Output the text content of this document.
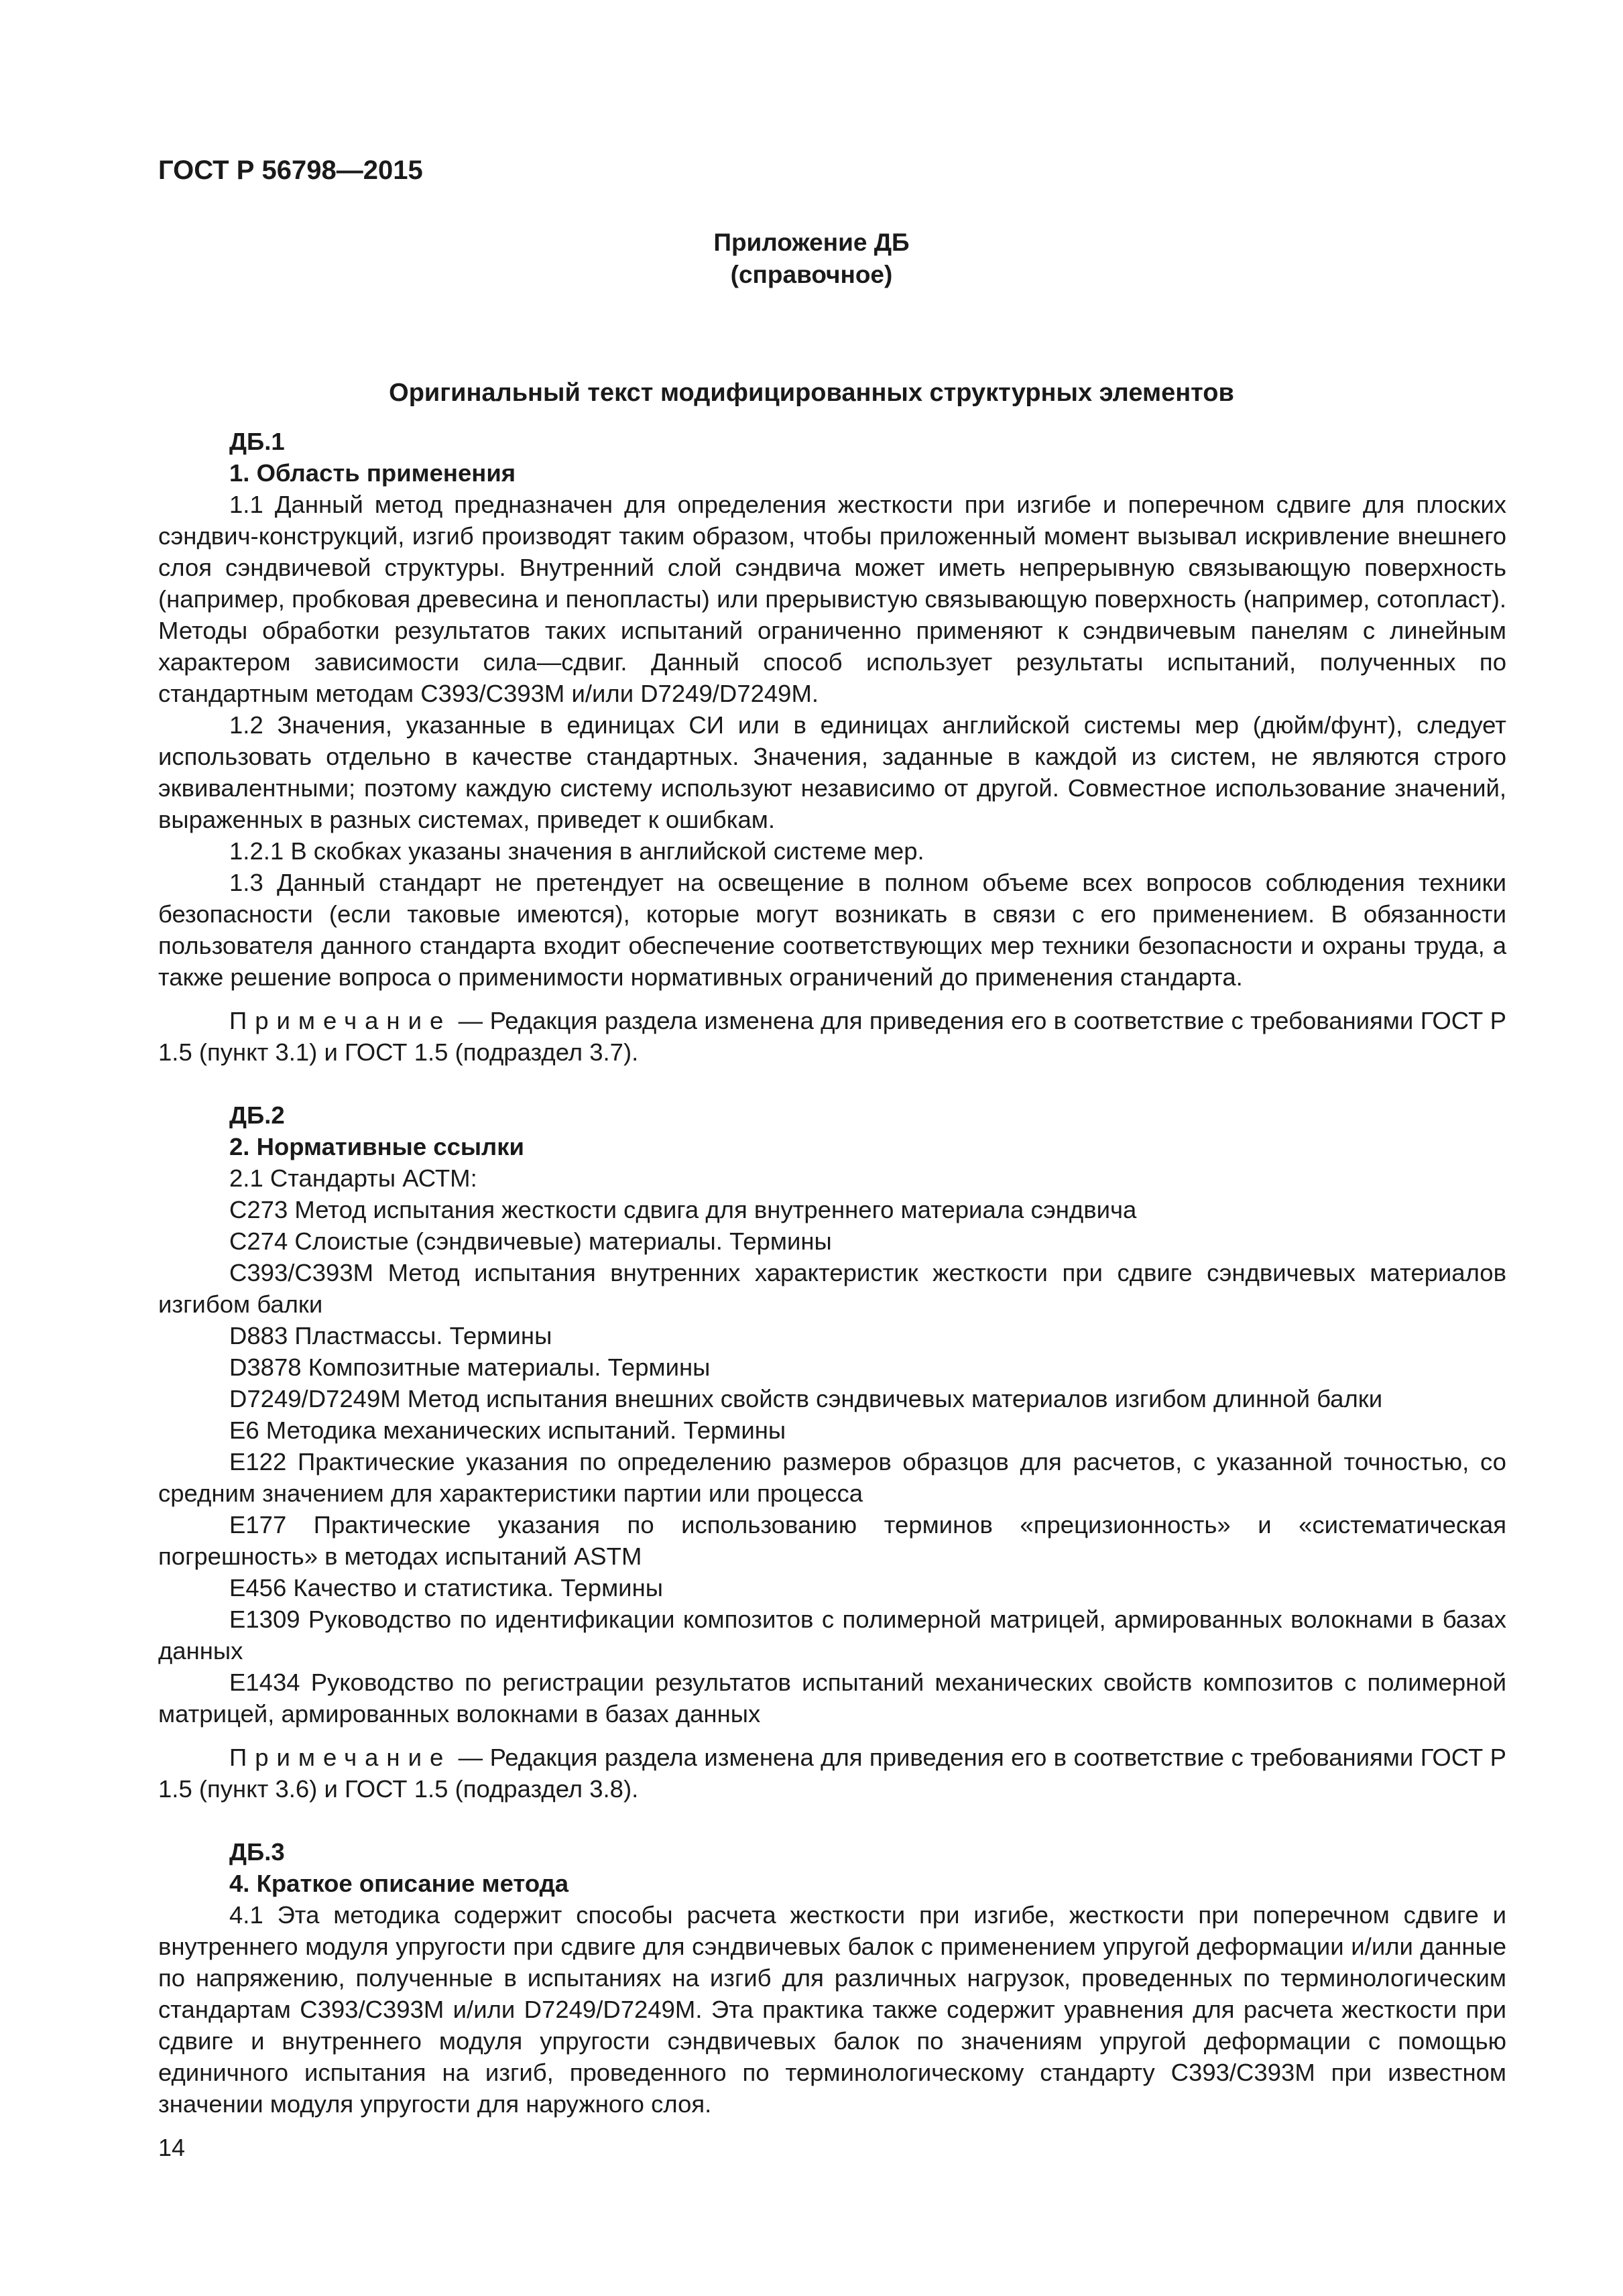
ГОСТ Р 56798—2015
Приложение ДБ
(справочное)
Оригинальный текст модифицированных структурных элементов

ДБ.1

1. Область применения

1.1 Данный метод предназначен для определения жесткости при изгибе и поперечном сдвиге для плоских сэндвич-конструкций, изгиб производят таким образом, чтобы приложенный момент вызывал искривление внешнего слоя сэндвичевой структуры. Внутренний слой сэндвича может иметь непрерывную связывающую поверхность (например, пробковая древесина и пенопласты) или прерывистую связывающую поверхность (например, сотопласт). Методы обработки результатов таких испытаний ограниченно применяют к сэндвичевым панелям с линейным характером зависимости сила—сдвиг. Данный способ использует результаты испытаний, полученных по стандартным методам C393/C393M и/или D7249/D7249M.

1.2 Значения, указанные в единицах СИ или в единицах английской системы мер (дюйм/фунт), следует использовать отдельно в качестве стандартных. Значения, заданные в каждой из систем, не являются строго эквивалентными; поэтому каждую систему используют независимо от другой. Совместное использование значений, выраженных в разных системах, приведет к ошибкам.

1.2.1 В скобках указаны значения в английской системе мер.

1.3 Данный стандарт не претендует на освещение в полном объеме всех вопросов соблюдения техники безопасности (если таковые имеются), которые могут возникать в связи с его применением. В обязанности пользователя данного стандарта входит обеспечение соответствующих мер техники безопасности и охраны труда, а также решение вопроса о применимости нормативных ограничений до применения стандарта.

Примечание — Редакция раздела изменена для приведения его в соответствие с требованиями ГОСТ Р 1.5 (пункт 3.1) и ГОСТ 1.5 (подраздел 3.7).

ДБ.2

2. Нормативные ссылки

2.1 Стандарты АСТМ:

C273 Метод испытания жесткости сдвига для внутреннего материала сэндвича

C274 Слоистые (сэндвичевые) материалы. Термины

C393/C393M Метод испытания внутренних характеристик жесткости при сдвиге сэндвичевых материалов изгибом балки

D883 Пластмассы. Термины

D3878 Композитные материалы. Термины

D7249/D7249M Метод испытания внешних свойств сэндвичевых материалов изгибом длинной балки

E6 Методика механических испытаний. Термины

E122 Практические указания по определению размеров образцов для расчетов, с указанной точностью, со средним значением для характеристики партии или процесса

E177 Практические указания по использованию терминов «прецизионность» и «систематическая погрешность» в методах испытаний ASTM

E456 Качество и статистика. Термины

E1309 Руководство по идентификации композитов с полимерной матрицей, армированных волокнами в базах данных

E1434 Руководство по регистрации результатов испытаний механических свойств композитов с полимерной матрицей, армированных волокнами в базах данных

Примечание — Редакция раздела изменена для приведения его в соответствие с требованиями ГОСТ Р 1.5 (пункт 3.6) и ГОСТ 1.5 (подраздел 3.8).

ДБ.3

4. Краткое описание метода

4.1 Эта методика содержит способы расчета жесткости при изгибе, жесткости при поперечном сдвиге и внутреннего модуля упругости при сдвиге для сэндвичевых балок с применением упругой деформации и/или данные по напряжению, полученные в испытаниях на изгиб для различных нагрузок, проведенных по терминологическим стандартам C393/C393M и/или D7249/D7249M. Эта практика также содержит уравнения для расчета жесткости при сдвиге и внутреннего модуля упругости сэндвичевых балок по значениям упругой деформации с помощью единичного испытания на изгиб, проведенного по терминологическому стандарту C393/C393M при известном значении модуля упругости для наружного слоя.

14
